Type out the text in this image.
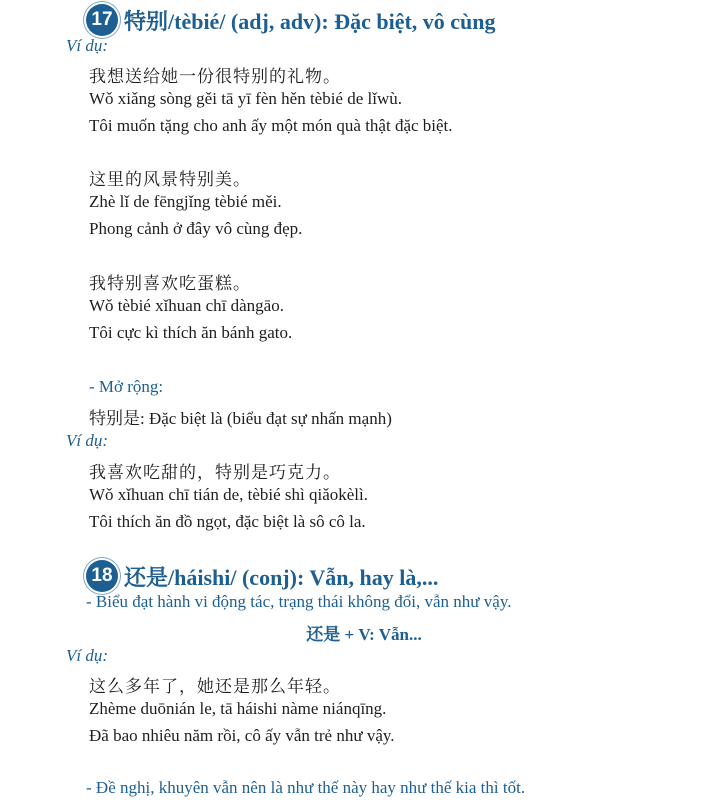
17 特别/tèbié/ (adj, adv): Đặc biệt, vô cùng
Ví dụ:
我想送给她一份很特别的礼物。
Wǒ xiǎng sòng gěi tā yī fèn hěn tèbié de lǐwù.
Tôi muốn tặng cho anh ấy một món quà thật đặc biệt.
这里的风景特别美。
Zhè lǐ de fēngjǐng tèbié měi.
Phong cảnh ở đây vô cùng đẹp.
我特别喜欢吃蛋糕。
Wǒ tèbié xǐhuan chī dàngāo.
Tôi cực kì thích ăn bánh gato.
- Mở rộng:
特别是: Đặc biệt là (biểu đạt sự nhấn mạnh)
Ví dụ:
我喜欢吃甜的，特别是巧克力。
Wǒ xǐhuan chī tián de, tèbié shì qiǎokèlì.
Tôi thích ăn đồ ngọt, đặc biệt là sô cô la.
18 还是/háishi/ (conj): Vẫn, hay là,...
- Biểu đạt hành vi động tác, trạng thái không đổi, vẫn như vậy.
还是 + V: Vẫn...
Ví dụ:
这么多年了，她还是那么年轻。
Zhème duōnián le, tā háishi nàme niánqīng.
Đã bao nhiêu năm rồi, cô ấy vẫn trẻ như vậy.
- Đề nghị, khuyên vẫn nên là như thế này hay như thế kia thì tốt.
